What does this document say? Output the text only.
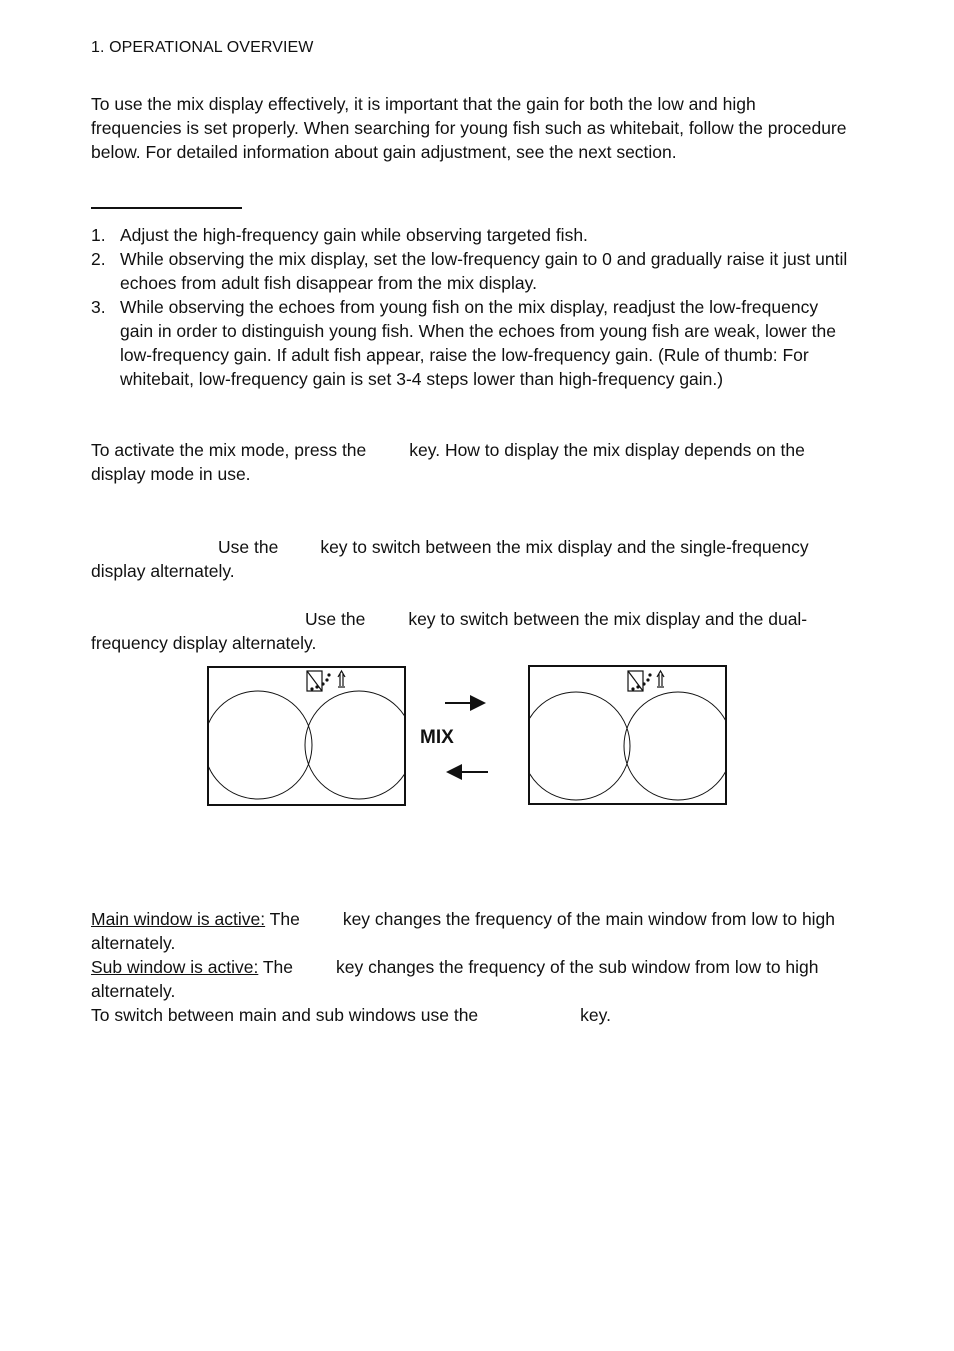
1. OPERATIONAL OVERVIEW
To use the mix display effectively, it is important that the gain for both the low and high frequencies is set properly. When searching for young fish such as whitebait, follow the procedure below. For detailed information about gain adjustment, see the next section.
1. Adjust the high-frequency gain while observing targeted fish.
2. While observing the mix display, set the low-frequency gain to 0 and gradually raise it just until echoes from adult fish disappear from the mix display.
3. While observing the echoes from young fish on the mix display, readjust the low-frequency gain in order to distinguish young fish. When the echoes from young fish are weak, lower the low-frequency gain. If adult fish appear, raise the low-frequency gain. (Rule of thumb: For whitebait, low-frequency gain is set 3-4 steps lower than high-frequency gain.)
To activate the mix mode, press the key. How to display the mix display depends on the display mode in use.
Use the key to switch between the mix display and the single-frequency display alternately.
Use the key to switch between the mix display and the dual-frequency display alternately.
MIX
Main window is active: The key changes the frequency of the main window from low to high alternately.
Sub window is active: The key changes the frequency of the sub window from low to high alternately.
To switch between main and sub windows use the	key.
